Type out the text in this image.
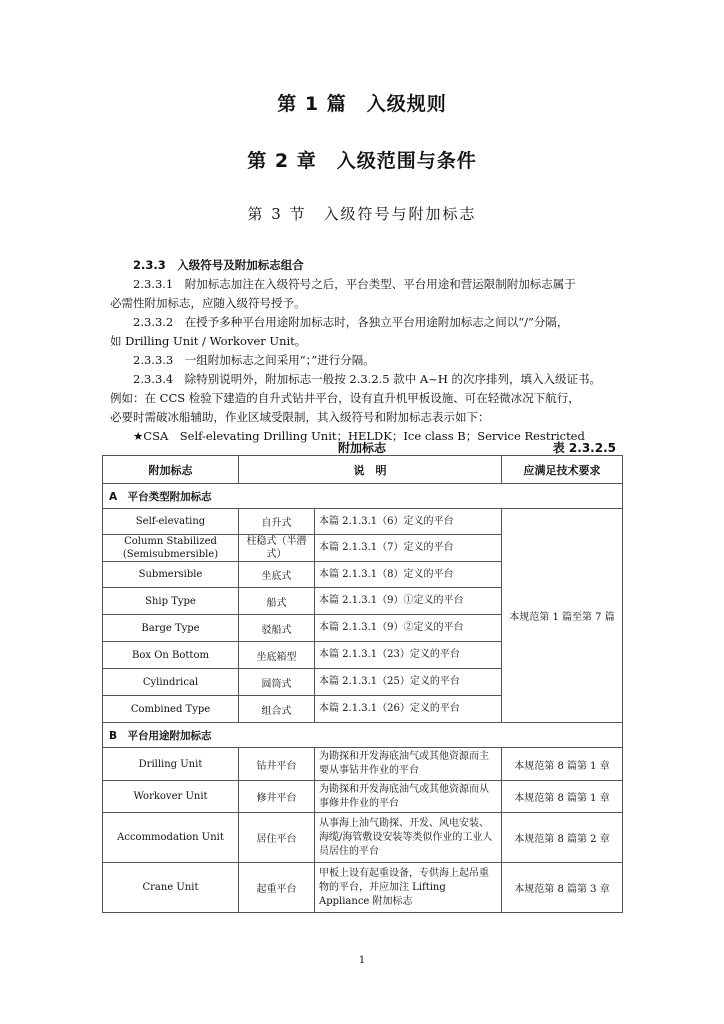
第 1 篇　入级规则
第 2 章　入级范围与条件
第 3 节　入级符号与附加标志

2.3.3　入级符号及附加标志组合

2.3.3.1　附加标志加注在入级符号之后，平台类型、平台用途和营运限制附加标志属于

必需性附加标志，应随入级符号授予。

2.3.3.2　在授予多种平台用途附加标志时，各独立平台用途附加标志之间以“/”分隔，

如 Drilling Unit / Workover Unit。

2.3.3.3　一组附加标志之间采用“；”进行分隔。

2.3.3.4　除特别说明外，附加标志一般按 2.3.2.5 款中 A~H 的次序排列，填入入级证书。

例如：在 CCS 检验下建造的自升式钻井平台，设有直升机甲板设施、可在轻微冰况下航行，

必要时需破冰船辅助，作业区域受限制，其入级符号和附加标志表示如下：

★CSA　Self-elevating Drilling Unit；HELDK；Ice class B；Service Restricted

附加标志	表 2.3.2.5
附加标志	说　明		应满足技术要求
A　平台类型附加标志			
Self-elevating	自升式	本篇 2.1.3.1（6）定义的平台	本规范第 1 篇至第 7 篇
Column Stabilized (Semisubmersible)	柱稳式（半潜式）	本篇 2.1.3.1（7）定义的平台	
Submersible	坐底式	本篇 2.1.3.1（8）定义的平台	
Ship Type	船式	本篇 2.1.3.1（9）①定义的平台	
Barge Type	驳船式	本篇 2.1.3.1（9）②定义的平台	
Box On Bottom	坐底箱型	本篇 2.1.3.1（23）定义的平台	
Cylindrical	圆筒式	本篇 2.1.3.1（25）定义的平台	
Combined Type	组合式	本篇 2.1.3.1（26）定义的平台	
B　平台用途附加标志			
Drilling Unit	钻井平台	为勘探和开发海底油气或其他资源而主要从事钻井作业的平台	本规范第 8 篇第 1 章
Workover Unit	修井平台	为勘探和开发海底油气或其他资源而从事修井作业的平台	本规范第 8 篇第 1 章
Accommodation Unit	居住平台	从事海上油气勘探、开发、风电安装、海缆/海管敷设安装等类似作业的工业人员居住的平台	本规范第 8 篇第 2 章
Crane Unit	起重平台	甲板上设有起重设备，专供海上起吊重物的平台，并应加注 Lifting Appliance 附加标志	本规范第 8 篇第 3 章
1
